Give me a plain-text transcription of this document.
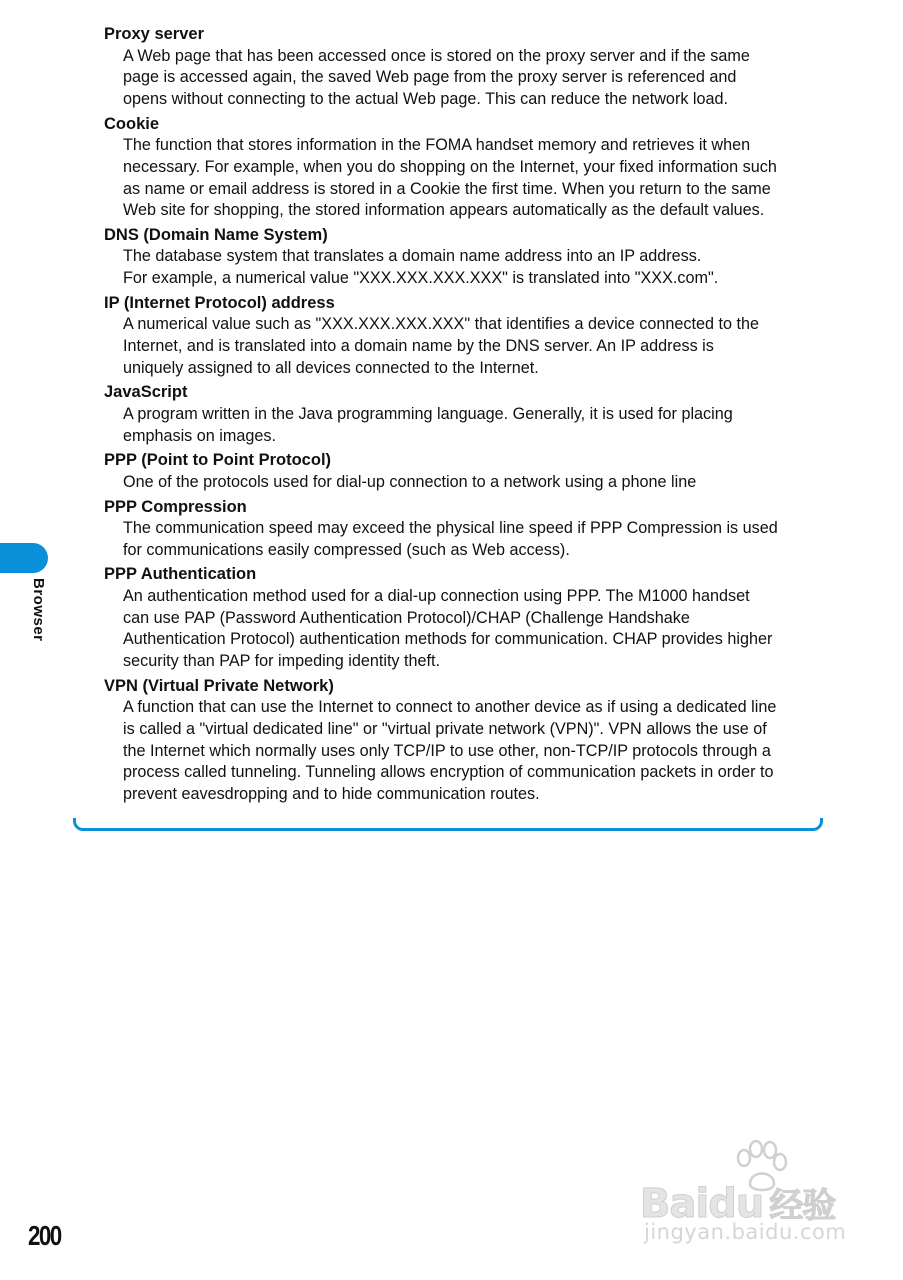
Proxy server
A Web page that has been accessed once is stored on the proxy server and if the same
page is accessed again, the saved Web page from the proxy server is referenced and
opens without connecting to the actual Web page. This can reduce the network load.
Cookie
The function that stores information in the FOMA handset memory and retrieves it when
necessary. For example, when you do shopping on the Internet, your fixed information such
as name or email address is stored in a Cookie the first time. When you return to the same
Web site for shopping, the stored information appears automatically as the default values.
DNS (Domain Name System)
The database system that translates a domain name address into an IP address.
For example, a numerical value "XXX.XXX.XXX.XXX" is translated into "XXX.com".
IP (Internet Protocol) address
A numerical value such as "XXX.XXX.XXX.XXX" that identifies a device connected to the
Internet, and is translated into a domain name by the DNS server. An IP address is
uniquely assigned to all devices connected to the Internet.
JavaScript
A program written in the Java programming language. Generally, it is used for placing
emphasis on images.
PPP (Point to Point Protocol)
One of the protocols used for dial-up connection to a network using a phone line
PPP Compression
The communication speed may exceed the physical line speed if PPP Compression is used
for communications easily compressed (such as Web access).
PPP Authentication
An authentication method used for a dial-up connection using PPP. The M1000 handset
can use PAP (Password Authentication Protocol)/CHAP (Challenge Handshake
Authentication Protocol) authentication methods for communication. CHAP provides higher
security than PAP for impeding identity theft.
VPN (Virtual Private Network)
A function that can use the Internet to connect to another device as if using a dedicated line
is called a "virtual dedicated line" or "virtual private network (VPN)". VPN allows the use of
the Internet which normally uses only TCP/IP to use other, non-TCP/IP protocols through a
process called tunneling. Tunneling allows encryption of communication packets in order to
prevent eavesdropping and to hide communication routes.
Browser
200
Baidu 经验
jingyan.baidu.com
